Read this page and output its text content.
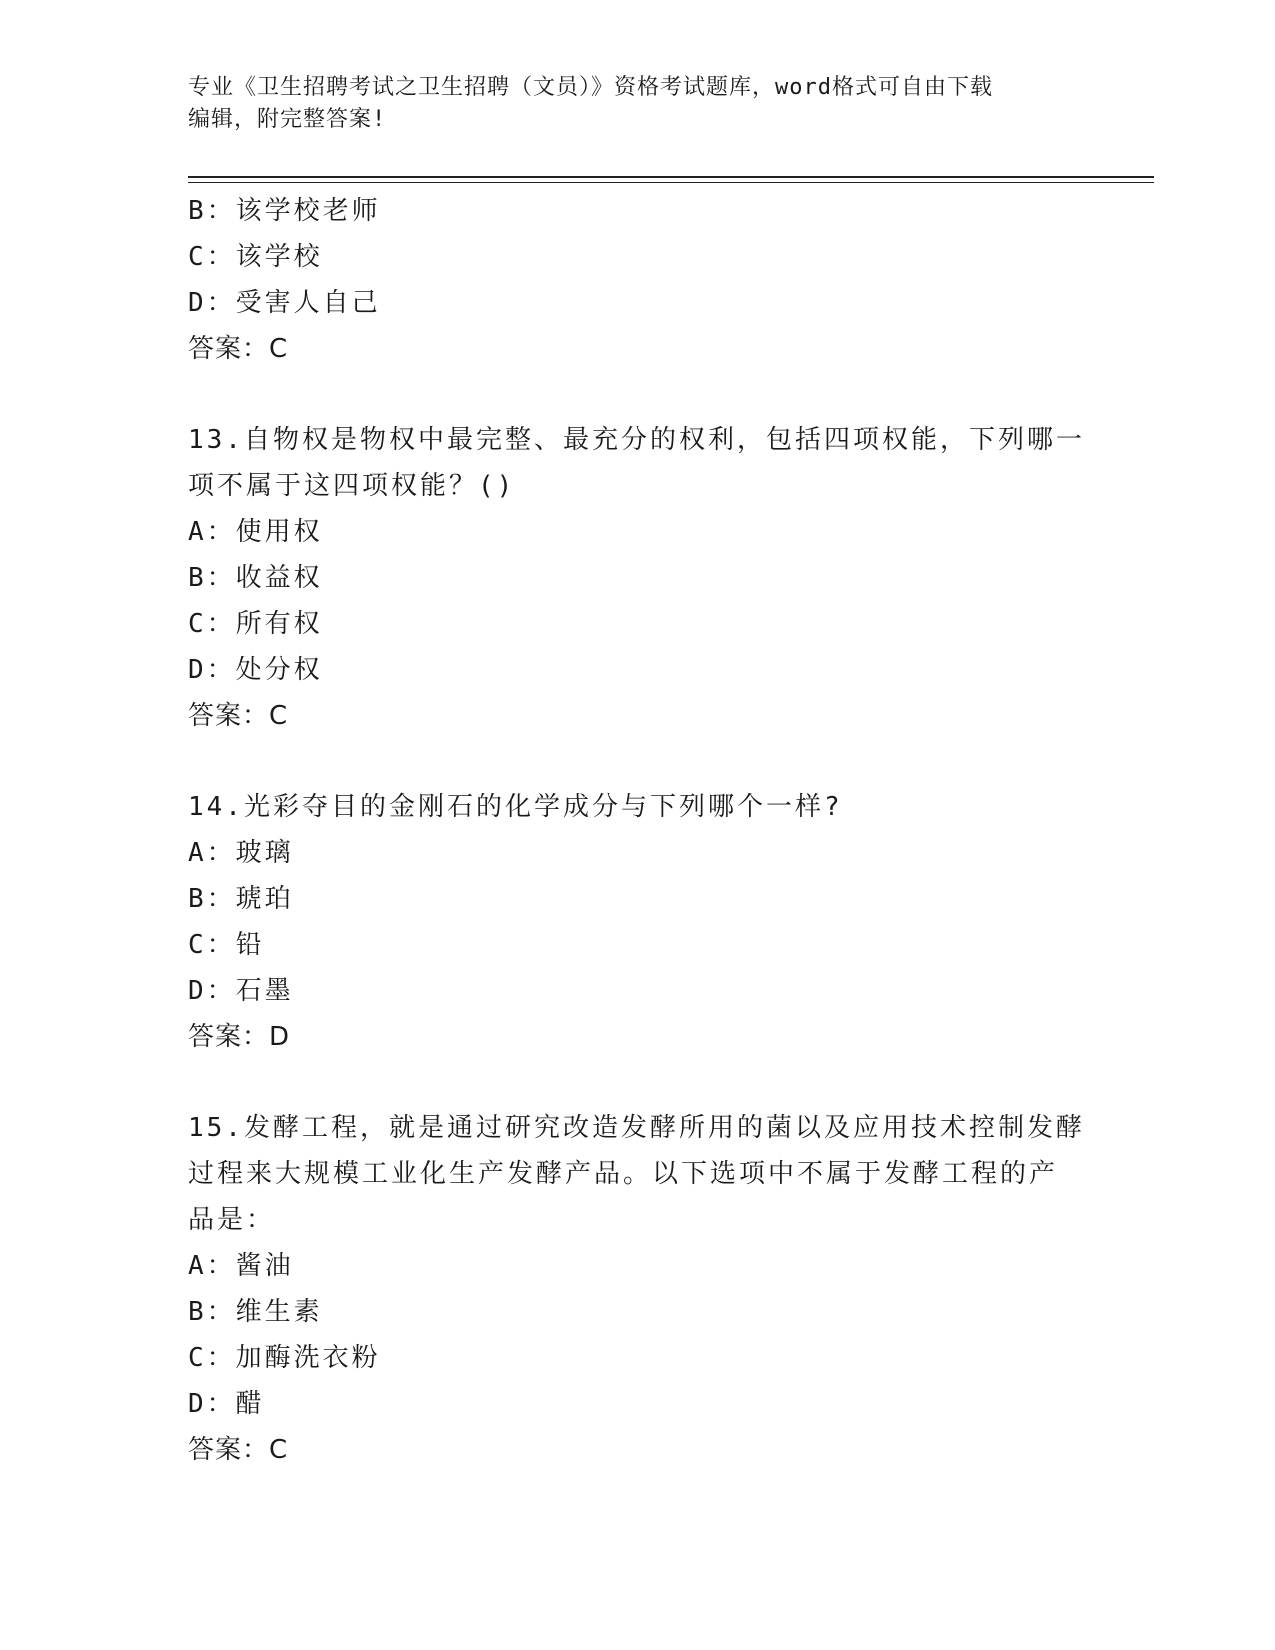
专业《卫生招聘考试之卫生招聘（文员）》资格考试题库，word格式可自由下载
编辑，附完整答案!
B：该学校老师
C：该学校
D：受害人自己
答案：C
13.自物权是物权中最完整、最充分的权利，包括四项权能，下列哪一
项不属于这四项权能？()
A：使用权
B：收益权
C：所有权
D：处分权
答案：C
14.光彩夺目的金刚石的化学成分与下列哪个一样?
A：玻璃
B：琥珀
C：铅
D：石墨
答案：D
15.发酵工程，就是通过研究改造发酵所用的菌以及应用技术控制发酵
过程来大规模工业化生产发酵产品。以下选项中不属于发酵工程的产
品是：
A：酱油
B：维生素
C：加酶洗衣粉
D：醋
答案：C
